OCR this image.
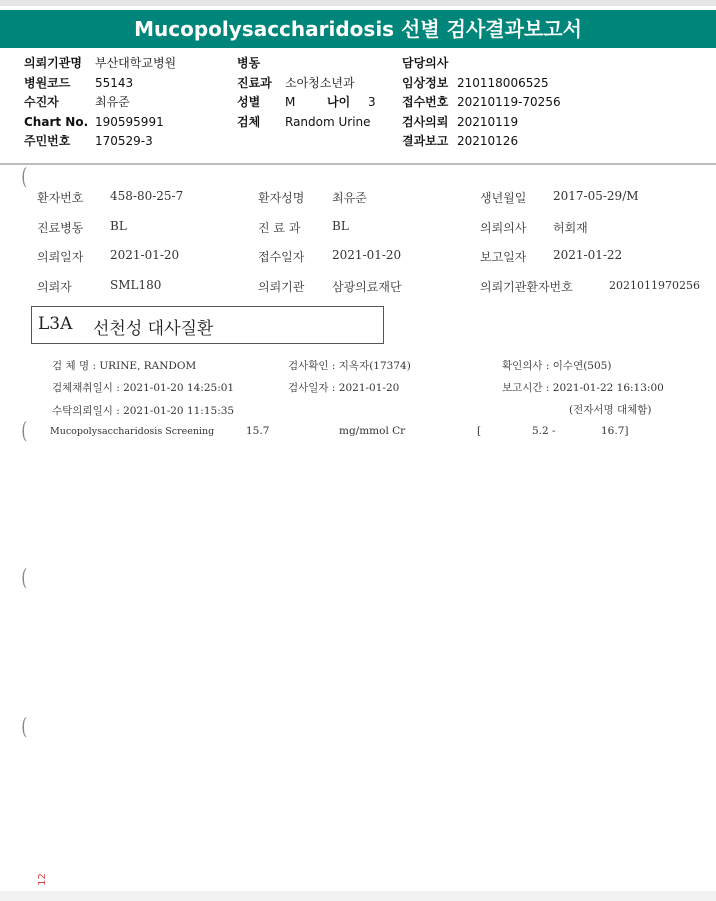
Mucopolysaccharidosis 선별 검사결과보고서
의뢰기관명 부산대학교병원
병원코드 55143
수진자	최유준
Chart No. 190595991
주민번호 170529-3
병동
진료과 소아청소년과
성별 M
검체 Random Urine
담당의사
임상정보 210118006525
접수번호 20210119-70256
검사의뢰 20210119
결과보고 20210126
나이 3
환자번호 458-80-25-7	환자성명 최유준	생년월일 2017-05-29/M
진료병동 BL	진 료 과	BL	의뢰의사 허회재
의뢰일자 2021-01-20	접수일자 2021-01-20	보고일자 2021-01-22
의뢰자	SML180	의뢰기관 삼광의료재단	의뢰기관환자번호	2021011970256
L3A 선천성 대사질환
검 체 명 : URINE, RANDOM	검사확인 : 지옥자(17374)	확인의사 : 이수연(505)
검체채취일시 : 2021-01-20 14:25:01	검사일자 : 2021-01-20	보고시간 : 2021-01-22 16:13:00
수탁의뢰일시 : 2021-01-20 11:15:35	(전자서명 대체함)
Mucopolysaccharidosis Screening	15.7	mg/mmol Cr	[	5.2 -	16.7]
(
(
(
(
12
